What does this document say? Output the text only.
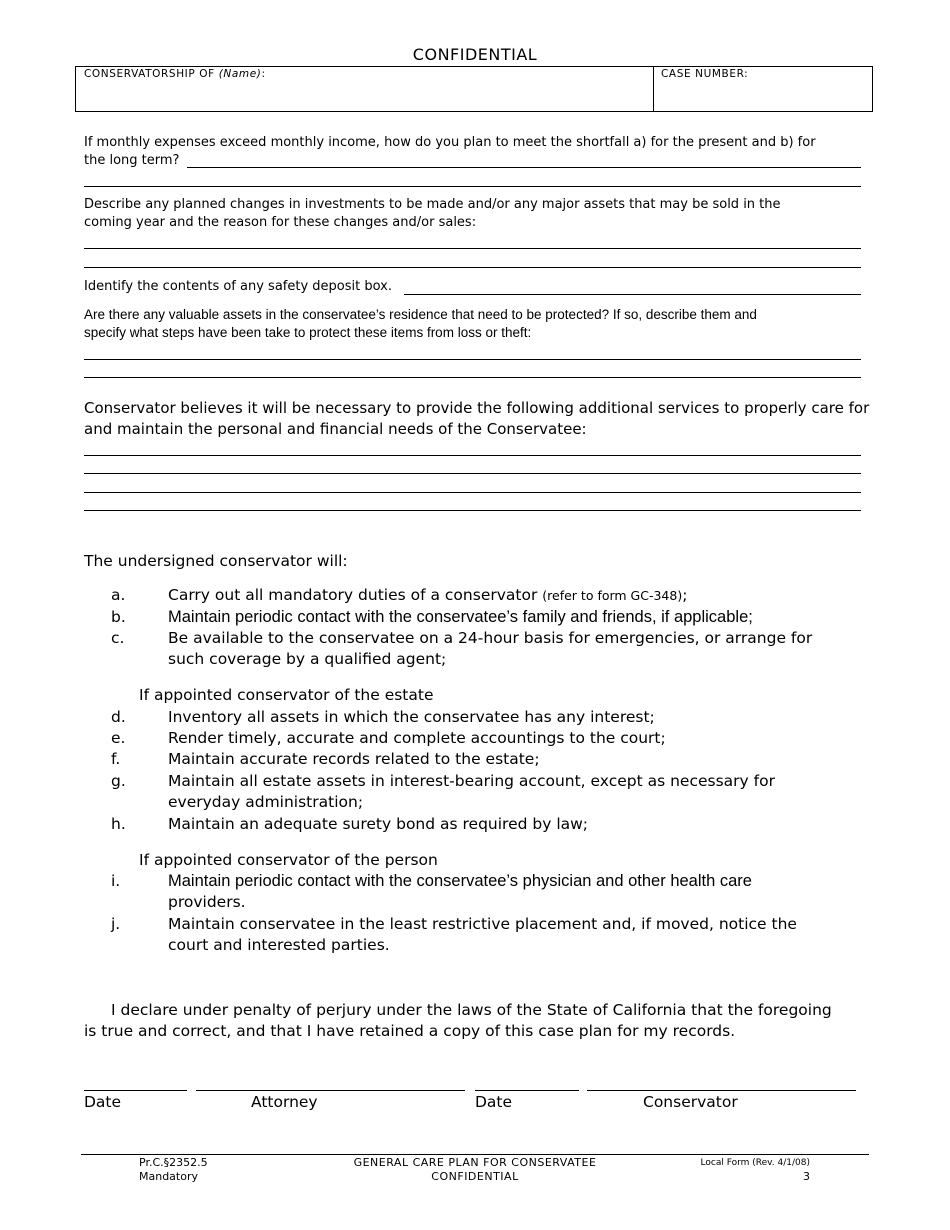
CONFIDENTIAL
CONSERVATORSHIP OF (Name):	CASE NUMBER:
If monthly expenses exceed monthly income, how do you plan to meet the shortfall a) for the present and b) for
the long term?
Describe any planned changes in investments to be made and/or any major assets that may be sold in the
coming year and the reason for these changes and/or sales:
Identify the contents of any safety deposit box.
Are there any valuable assets in the conservatee’s residence that need to be protected? If so, describe them and
specify what steps have been take to protect these items from loss or theft:
Conservator believes it will be necessary to provide the following additional services to properly care for
and maintain the personal and financial needs of the Conservatee:
The undersigned conservator will:
a.	Carry out all mandatory duties of a conservator (refer to form GC-348);
b.	Maintain periodic contact with the conservatee’s family and friends, if applicable;
c.	Be available to the conservatee on a 24-hour basis for emergencies, or arrange for
such coverage by a qualified agent;
If appointed conservator of the estate
d.	Inventory all assets in which the conservatee has any interest;
e.	Render timely, accurate and complete accountings to the court;
f.	Maintain accurate records related to the estate;
g.	Maintain all estate assets in interest-bearing account, except as necessary for
everyday administration;
h.	Maintain an adequate surety bond as required by law;
If appointed conservator of the person
i.	Maintain periodic contact with the conservatee’s physician and other health care
providers.
j.	Maintain conservatee in the least restrictive placement and, if moved, notice the
court and interested parties.
I declare under penalty of perjury under the laws of the State of California that the foregoing
is true and correct, and that I have retained a copy of this case plan for my records.
Date	Attorney	Date	Conservator
Pr.C.§2352.5
Mandatory
GENERAL CARE PLAN FOR CONSERVATEE
CONFIDENTIAL
Local Form (Rev. 4/1/08)
3
